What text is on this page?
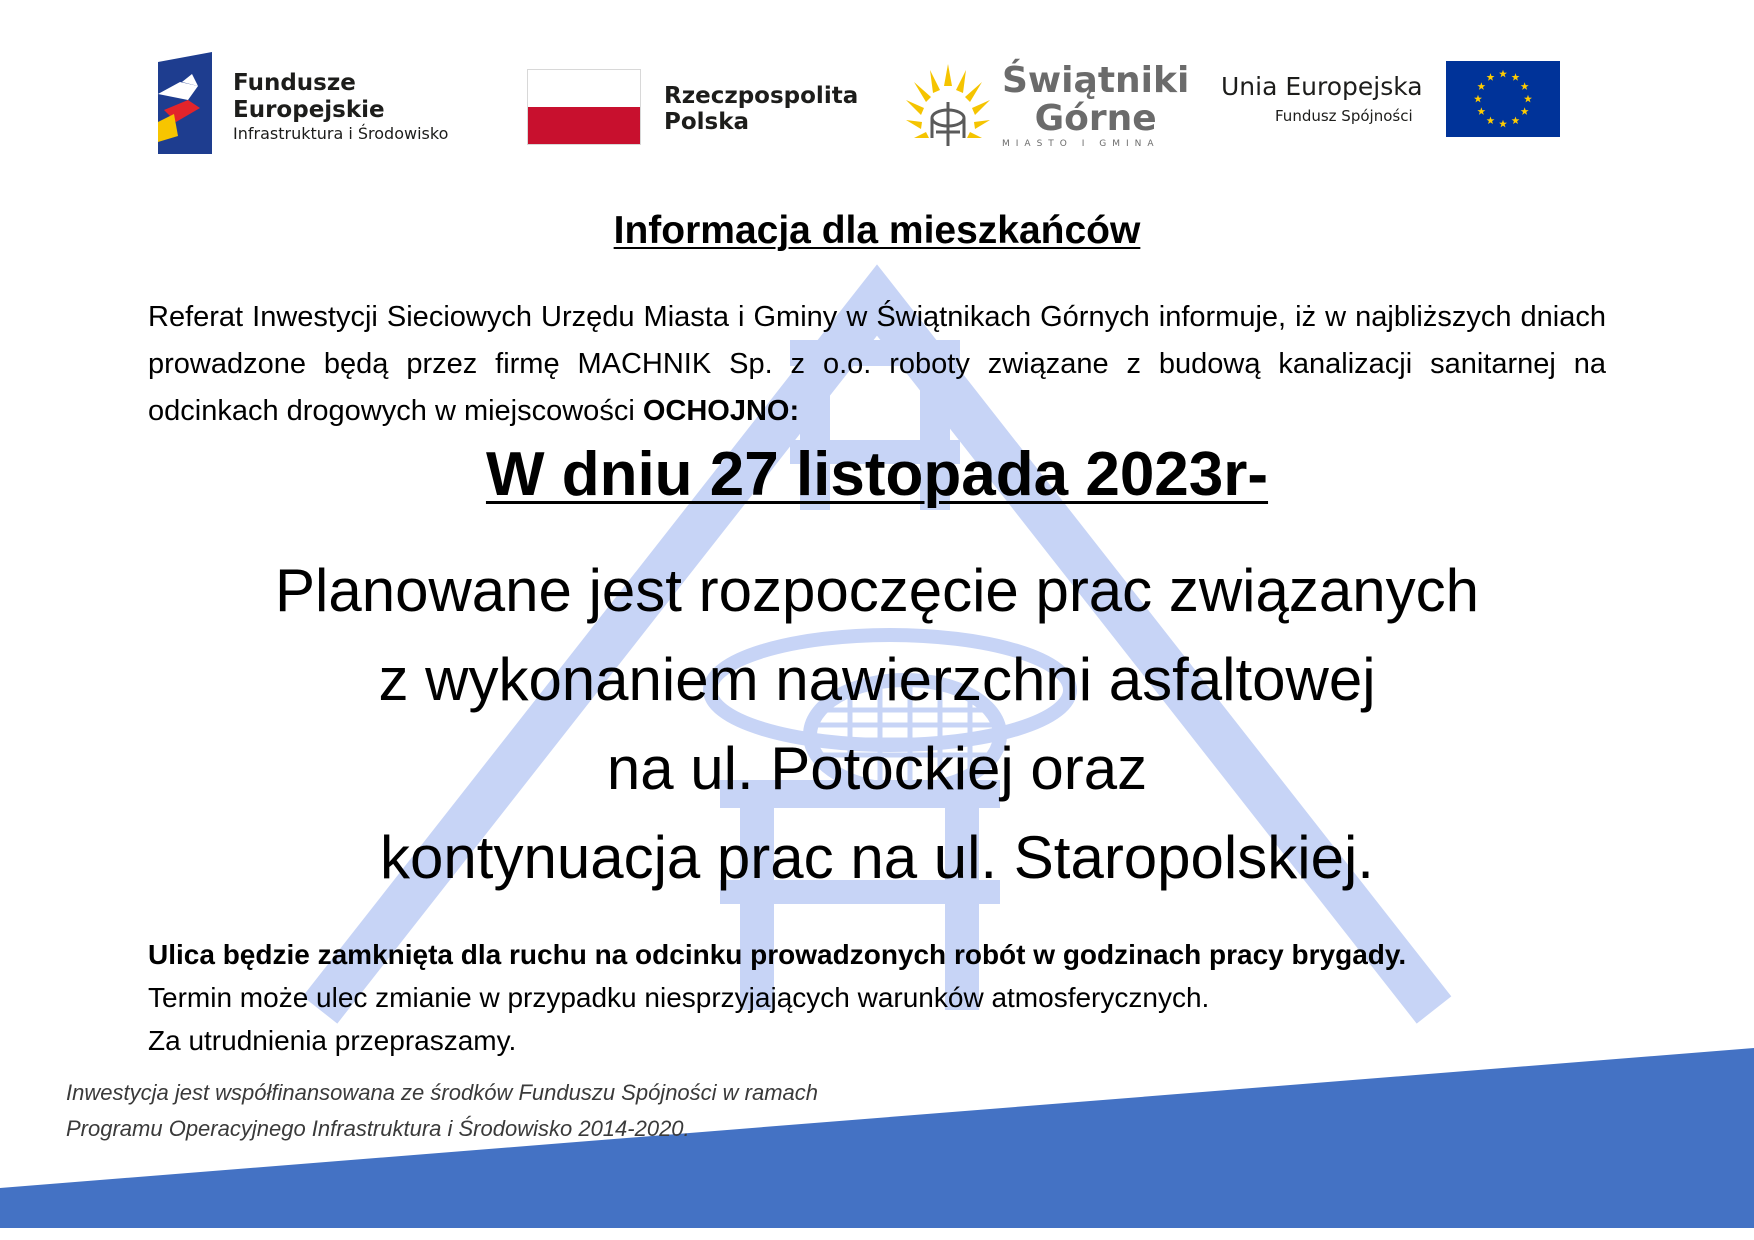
Fundusze
Europejskie
Infrastruktura i Środowisko
Rzeczpospolita
Polska
Świątniki
Górne
MIASTO I GMINA
Unia Europejska
Fundusz Spójności
Informacja dla mieszkańców
Referat Inwestycji Sieciowych Urzędu Miasta i Gminy w Świątnikach Górnych informuje, iż w najbliższych dniach prowadzone będą przez firmę MACHNIK Sp. z o.o. roboty związane z budową kanalizacji sanitarnej na odcinkach drogowych w miejscowości OCHOJNO:
W dniu 27 listopada 2023r-
Planowane jest rozpoczęcie prac związanych
z wykonaniem nawierzchni asfaltowej
na ul. Potockiej oraz
kontynuacja prac na ul. Staropolskiej.
Ulica będzie zamknięta dla ruchu na odcinku prowadzonych robót w godzinach pracy brygady.
Termin może ulec zmianie w przypadku niesprzyjających warunków atmosferycznych.
Za utrudnienia przepraszamy.
Inwestycja jest współfinansowana ze środków Funduszu Spójności w ramach
Programu Operacyjnego Infrastruktura i Środowisko 2014-2020.
